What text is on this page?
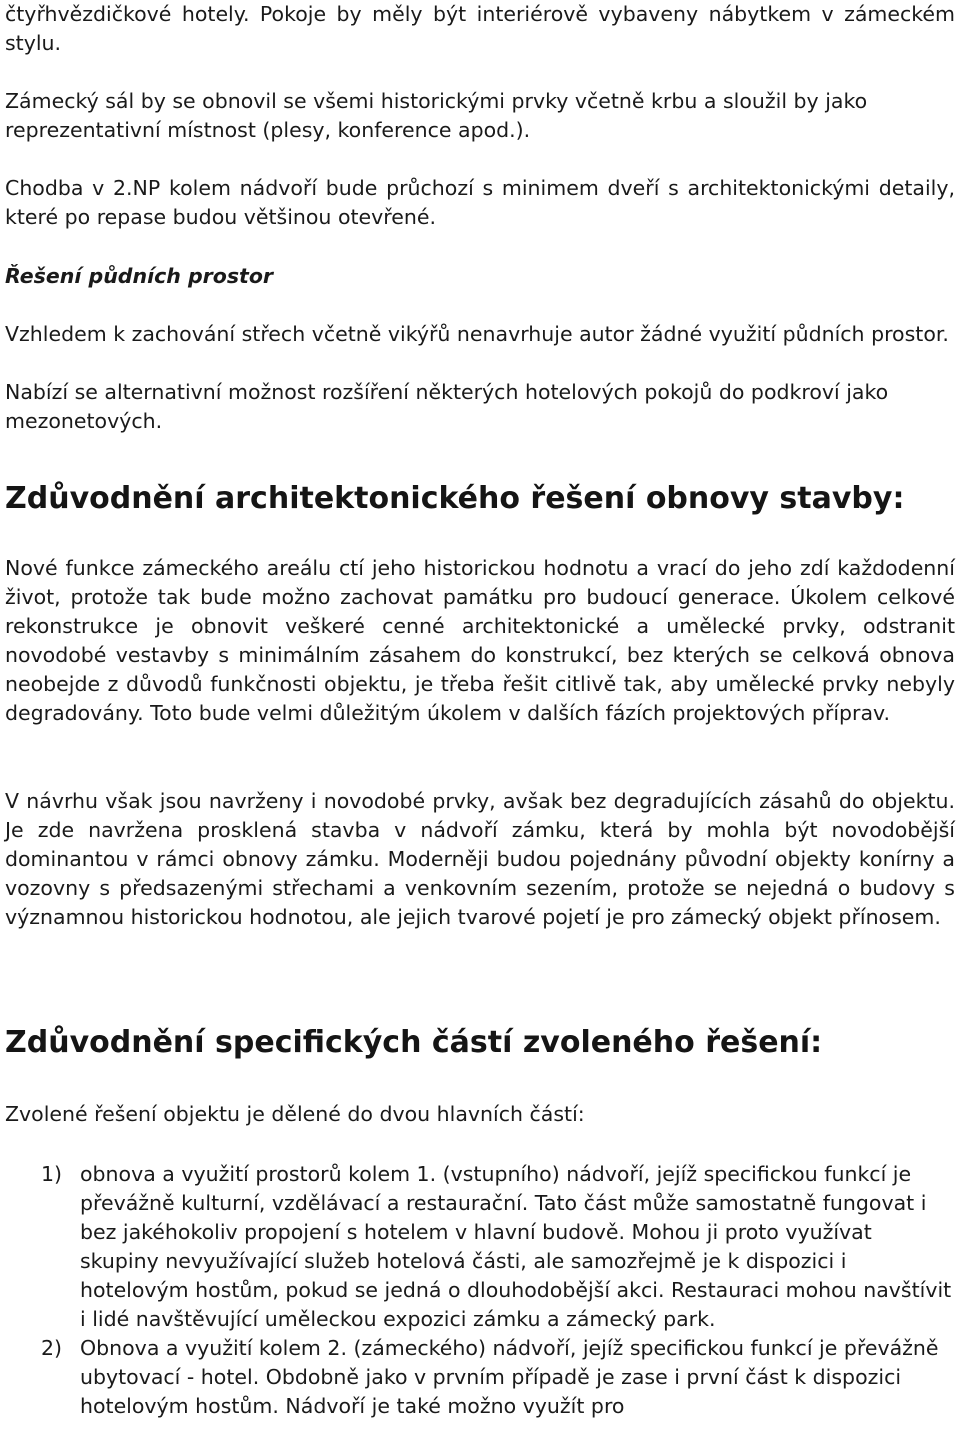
čtyřhvězdičkové hotely. Pokoje by měly být interiérově vybaveny nábytkem v zámeckém stylu.

Zámecký sál by se obnovil se všemi historickými prvky včetně krbu a sloužil by jako reprezentativní místnost (plesy, konference apod.).

Chodba v 2.NP kolem nádvoří bude průchozí s minimem dveří s architektonickými detaily, které po repase budou většinou otevřené.

Řešení půdních prostor

Vzhledem k zachování střech včetně vikýřů nenavrhuje autor žádné využití půdních prostor.

Nabízí se alternativní možnost rozšíření některých hotelových pokojů do podkroví jako mezonetových.

Zdůvodnění architektonického řešení obnovy stavby:

Nové funkce zámeckého areálu ctí jeho historickou hodnotu a vrací do jeho zdí každodenní život, protože tak bude možno zachovat památku pro budoucí generace. Úkolem celkové rekonstrukce je obnovit veškeré cenné architektonické a umělecké prvky, odstranit novodobé vestavby s minimálním zásahem do konstrukcí, bez kterých se celková obnova neobejde z důvodů funkčnosti objektu, je třeba řešit citlivě tak, aby umělecké prvky nebyly degradovány. Toto bude velmi důležitým úkolem v dalších fázích projektových příprav.

V návrhu však jsou navrženy i novodobé prvky, avšak bez degradujících zásahů do objektu. Je zde navržena prosklená stavba v nádvoří zámku, která by mohla být novodobější dominantou v rámci obnovy zámku. Moderněji budou pojednány původní objekty konírny a vozovny s předsazenými střechami a venkovním sezením, protože se nejedná o budovy s významnou historickou hodnotou, ale jejich tvarové pojetí je pro zámecký objekt přínosem.

Zdůvodnění specifických částí zvoleného řešení:

Zvolené řešení objektu je dělené do dvou hlavních částí:

1) obnova a využití prostorů kolem 1. (vstupního) nádvoří, jejíž specifickou funkcí je převážně kulturní, vzdělávací a restaurační. Tato část může samostatně fungovat i bez jakéhokoliv propojení s hotelem v hlavní budově. Mohou ji proto využívat skupiny nevyužívající služeb hotelová části, ale samozřejmě je k dispozici i hotelovým hostům, pokud se jedná o dlouhodobější akci. Restauraci mohou navštívit i lidé navštěvující uměleckou expozici zámku a zámecký park.
2) Obnova a využití kolem 2. (zámeckého) nádvoří, jejíž specifickou funkcí je převážně ubytovací - hotel. Obdobně jako v prvním případě je zase i první část k dispozici hotelovým hostům. Nádvoří je také možno využít pro
